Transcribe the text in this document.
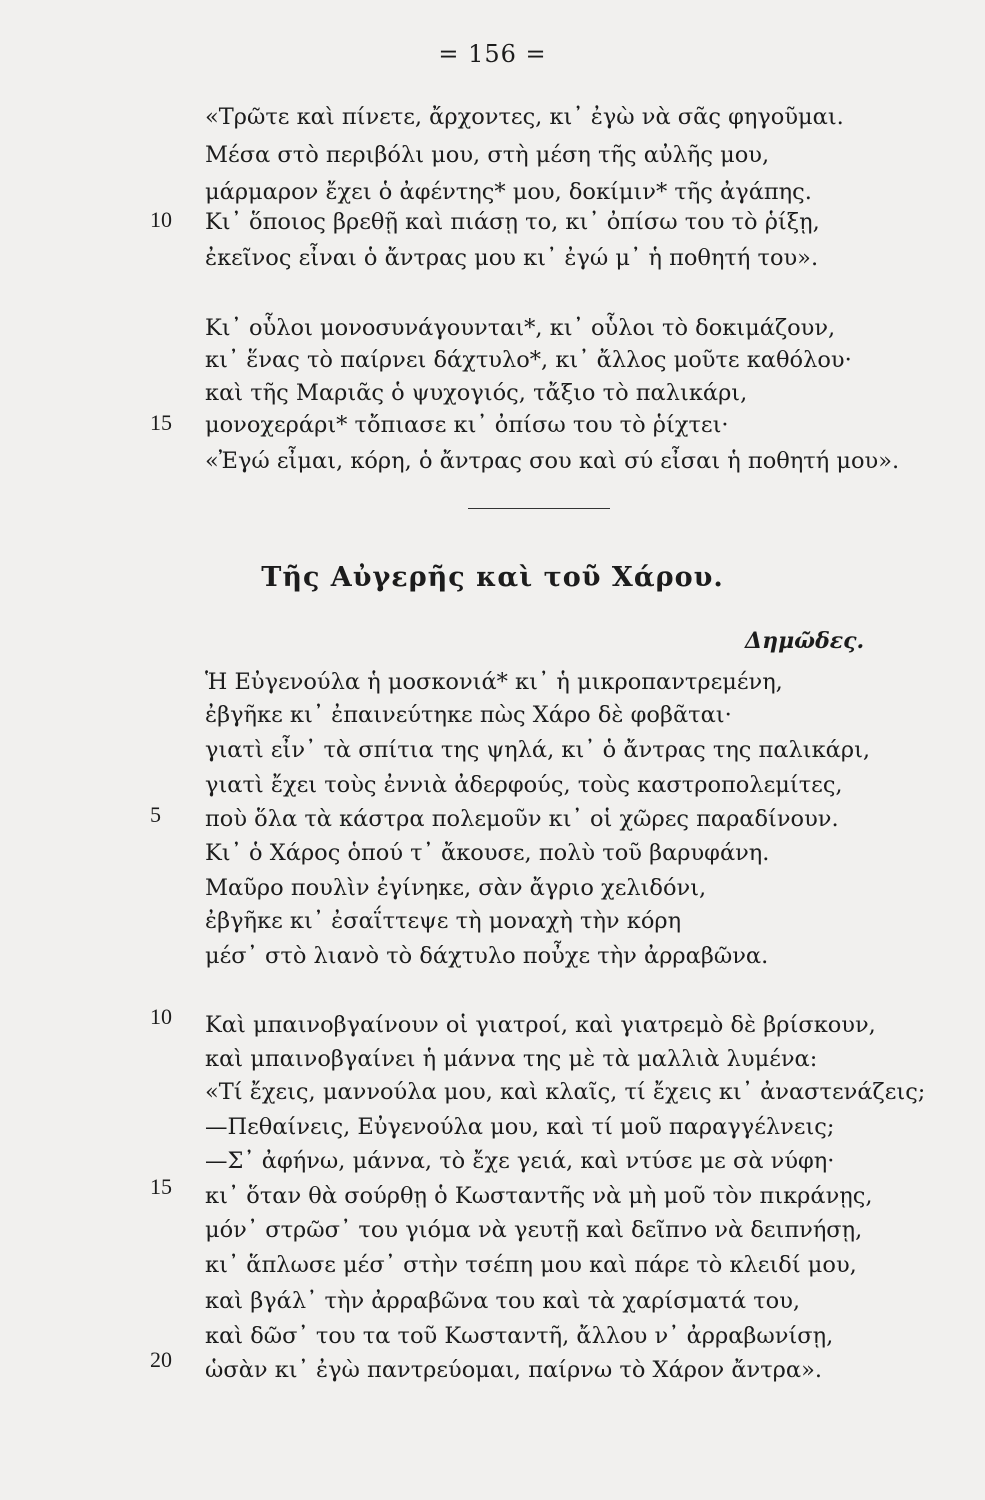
= 156 =
«Τρῶτε καὶ πίνετε, ἄρχοντες, κι᾽ ἐγὼ νὰ σᾶς φηγοῦμαι.
Μέσα στὸ περιβόλι μου, στὴ μέση τῆς αὐλῆς μου,
μάρμαρον ἔχει ὁ ἀφέντης* μου, δοκίμιν* τῆς ἀγάπης.
10 Κι᾽ ὅποιος βρεθῇ καὶ πιάσῃ το, κι᾽ ὀπίσω του τὸ ῥίξῃ,
ἐκεῖνος εἶναι ὁ ἄντρας μου κι᾽ ἐγώ μ᾽ ἡ ποθητή του».
Κι᾽ οὗλοι μονοσυνάγουνται*, κι᾽ οὗλοι τὸ δοκιμάζουν,
κι᾽ ἕνας τὸ παίρνει δάχτυλο*, κι᾽ ἄλλος μοῦτε καθόλου·
καὶ τῆς Μαριᾶς ὁ ψυχογιός, τἄξιο τὸ παλικάρι,
15 μονοχεράρι* τὄπιασε κι᾽ ὀπίσω του τὸ ῥίχτει·
«Ἐγώ εἶμαι, κόρη, ὁ ἄντρας σου καὶ σύ εἶσαι ἡ ποθητή μου».
Τῆς Αὐγερῆς καὶ τοῦ Χάρου.
Δημῶδες.
Ἡ Εὐγενούλα ἡ μοσκονιά* κι᾽ ἡ μικροπαντρεμένη,
ἐβγῆκε κι᾽ ἐπαινεύτηκε πὼς Χάρο δὲ φοβᾶται·
γιατὶ εἶν᾽ τὰ σπίτια της ψηλά, κι᾽ ὁ ἄντρας της παλικάρι,
γιατὶ ἔχει τοὺς ἐννιὰ ἀδερφούς, τοὺς καστροπολεμίτες,
5 ποὺ ὅλα τὰ κάστρα πολεμοῦν κι᾽ οἱ χῶρες παραδίνουν.
Κι᾽ ὁ Χάρος ὁπού τ᾽ ἄκουσε, πολὺ τοῦ βαρυφάνη.
Μαῦρο πουλὶν ἐγίνηκε, σὰν ἄγριο χελιδόνι,
ἐβγῆκε κι᾽ ἐσαΐττεψε τὴ μοναχὴ τὴν κόρη
μέσ᾽ στὸ λιανὸ τὸ δάχτυλο ποὖχε τὴν ἀρραβῶνα.
10 Καὶ μπαινοβγαίνουν οἱ γιατροί, καὶ γιατρεμὸ δὲ βρίσκουν,
καὶ μπαινοβγαίνει ἡ μάννα της μὲ τὰ μαλλιὰ λυμένα:
«Τί ἔχεις, μαννούλα μου, καὶ κλαῖς, τί ἔχεις κι᾽ ἀναστενάζεις;
—Πεθαίνεις, Εὐγενούλα μου, καὶ τί μοῦ παραγγέλνεις;
—Σ᾽ ἀφήνω, μάννα, τὸ ἔχε γειά, καὶ ντύσε με σὰ νύφη·
15 κι᾽ ὅταν θὰ σούρθῃ ὁ Κωσταντῆς νὰ μὴ μοῦ τὸν πικράνῃς,
μόν᾽ στρῶσ᾽ του γιόμα νὰ γευτῇ καὶ δεῖπνο νὰ δειπνήσῃ,
κι᾽ ἅπλωσε μέσ᾽ στὴν τσέπη μου καὶ πάρε τὸ κλειδί μου,
καὶ βγάλ᾽ τὴν ἀρραβῶνα του καὶ τὰ χαρίσματά του,
καὶ δῶσ᾽ του τα τοῦ Κωσταντῆ, ἄλλου ν᾽ ἀρραβωνίσῃ,
20 ὡσὰν κι᾽ ἐγὼ παντρεύομαι, παίρνω τὸ Χάρον ἄντρα».
